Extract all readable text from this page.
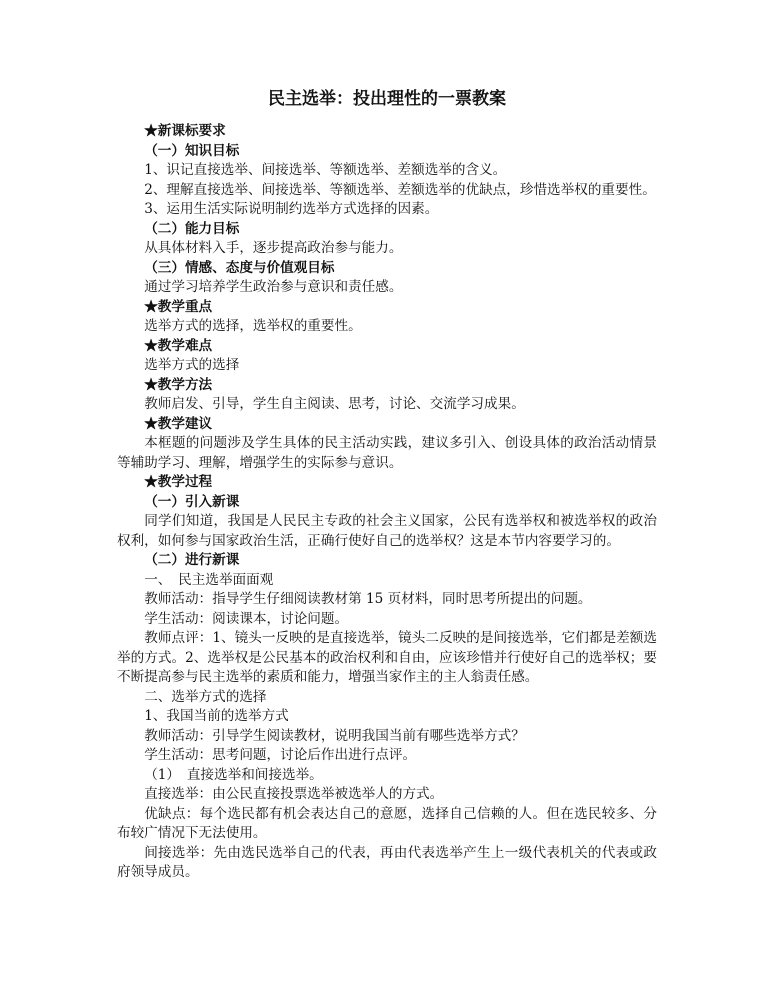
民主选举：投出理性的一票教案

★新课标要求

（一）知识目标

1、识记直接选举、间接选举、等额选举、差额选举的含义。

2、理解直接选举、间接选举、等额选举、差额选举的优缺点，珍惜选举权的重要性。

3、运用生活实际说明制约选举方式选择的因素。

（二）能力目标

从具体材料入手，逐步提高政治参与能力。

（三）情感、态度与价值观目标

通过学习培养学生政治参与意识和责任感。

★教学重点

选举方式的选择，选举权的重要性。

★教学难点

选举方式的选择

★教学方法

教师启发、引导，学生自主阅读、思考，讨论、交流学习成果。

★教学建议

本框题的问题涉及学生具体的民主活动实践，建议多引入、创设具体的政治活动情景等辅助学习、理解，增强学生的实际参与意识。

★教学过程

（一）引入新课

同学们知道，我国是人民民主专政的社会主义国家，公民有选举权和被选举权的政治权利，如何参与国家政治生活，正确行使好自己的选举权？这是本节内容要学习的。

（二）进行新课

一、　民主选举面面观

教师活动：指导学生仔细阅读教材第 15 页材料，同时思考所提出的问题。

学生活动：阅读课本，讨论问题。

教师点评：1、镜头一反映的是直接选举，镜头二反映的是间接选举，它们都是差额选举的方式。2、选举权是公民基本的政治权利和自由，应该珍惜并行使好自己的选举权；要不断提高参与民主选举的素质和能力，增强当家作主的主人翁责任感。

二、选举方式的选择

1、我国当前的选举方式

教师活动：引导学生阅读教材，说明我国当前有哪些选举方式？

学生活动：思考问题，讨论后作出进行点评。

（1）　直接选举和间接选举。

直接选举：由公民直接投票选举被选举人的方式。

优缺点：每个选民都有机会表达自己的意愿，选择自己信赖的人。但在选民较多、分布较广情况下无法使用。

间接选举：先由选民选举自己的代表，再由代表选举产生上一级代表机关的代表或政府领导成员。
